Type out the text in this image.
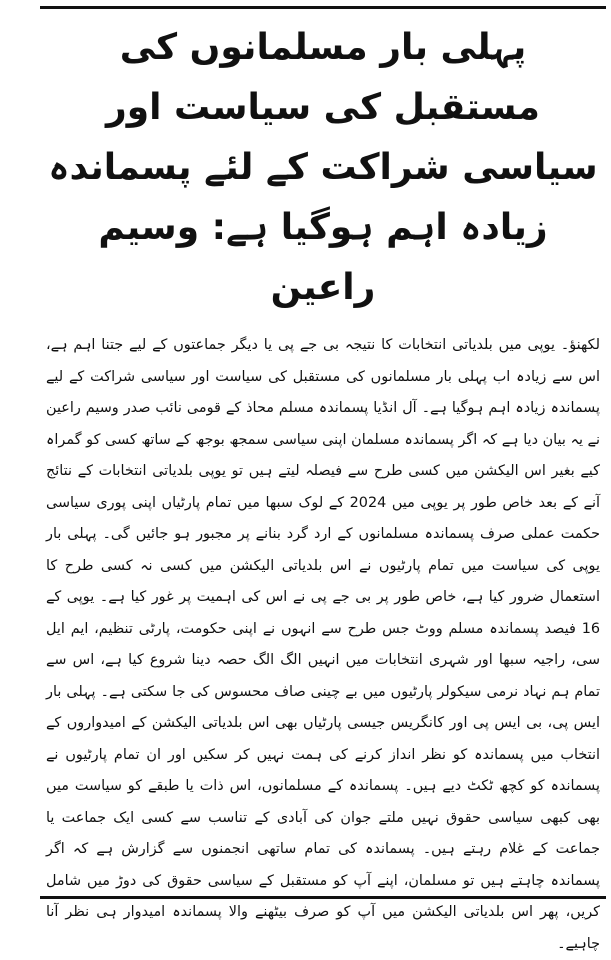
پہلی بار مسلمانوں کی مستقبل کی سیاست اور سیاسی شراکت کے لئے پسماندہ زیادہ اہم ہوگیا ہے: وسیم راعین

لکھنؤ۔ یوپی میں بلدیاتی انتخابات کا نتیجہ بی جے پی یا دیگر جماعتوں کے لیے جتنا اہم ہے، اس سے زیادہ اب پہلی بار مسلمانوں کی مستقبل کی سیاست اور سیاسی شراکت کے لیے پسماندہ زیادہ اہم ہوگیا ہے۔ آل انڈیا پسماندہ مسلم محاذ کے قومی نائب صدر وسیم راعین نے یہ بیان دیا ہے کہ اگر پسماندہ مسلمان اپنی سیاسی سمجھ بوجھ کے ساتھ کسی کو گمراہ کیے بغیر اس الیکشن میں کسی طرح سے فیصلہ لیتے ہیں تو یوپی بلدیاتی انتخابات کے نتائج آنے کے بعد خاص طور پر یوپی میں 2024 کے لوک سبھا میں تمام پارٹیاں اپنی پوری سیاسی حکمت عملی صرف پسماندہ مسلمانوں کے ارد گرد بنانے پر مجبور ہو جائیں گی۔ پہلی بار یوپی کی سیاست میں تمام پارٹیوں نے اس بلدیاتی الیکشن میں کسی نہ کسی طرح کا استعمال ضرور کیا ہے، خاص طور پر بی جے پی نے اس کی اہمیت پر غور کیا ہے۔ یوپی کے 16 فیصد پسماندہ مسلم ووٹ جس طرح سے انہوں نے اپنی حکومت، پارٹی تنظیم، ایم ایل سی، راجیہ سبھا اور شہری انتخابات میں انہیں الگ الگ حصہ دینا شروع کیا ہے، اس سے تمام ہم نہاد نرمی سیکولر پارٹیوں میں بے چینی صاف محسوس کی جا سکتی ہے۔ پہلی بار ایس پی، بی ایس پی اور کانگریس جیسی پارٹیاں بھی اس بلدیاتی الیکشن کے امیدواروں کے انتخاب میں پسماندہ کو نظر انداز کرنے کی ہمت نہیں کر سکیں اور ان تمام پارٹیوں نے پسماندہ کو کچھ ٹکٹ دیے ہیں۔ پسماندہ کے مسلمانوں، اس ذات یا طبقے کو سیاست میں بھی کبھی سیاسی حقوق نہیں ملتے جوان کی آبادی کے تناسب سے کسی ایک جماعت یا جماعت کے غلام رہتے ہیں۔ پسماندہ کی تمام ساتھی انجمنوں سے گزارش ہے کہ اگر پسماندہ چاہتے ہیں تو مسلمان، اپنے آپ کو مستقبل کے سیاسی حقوق کی دوڑ میں شامل کریں، پھر اس بلدیاتی الیکشن میں آپ کو صرف بیٹھنے والا پسماندہ امیدوار ہی نظر آنا چاہیے۔
